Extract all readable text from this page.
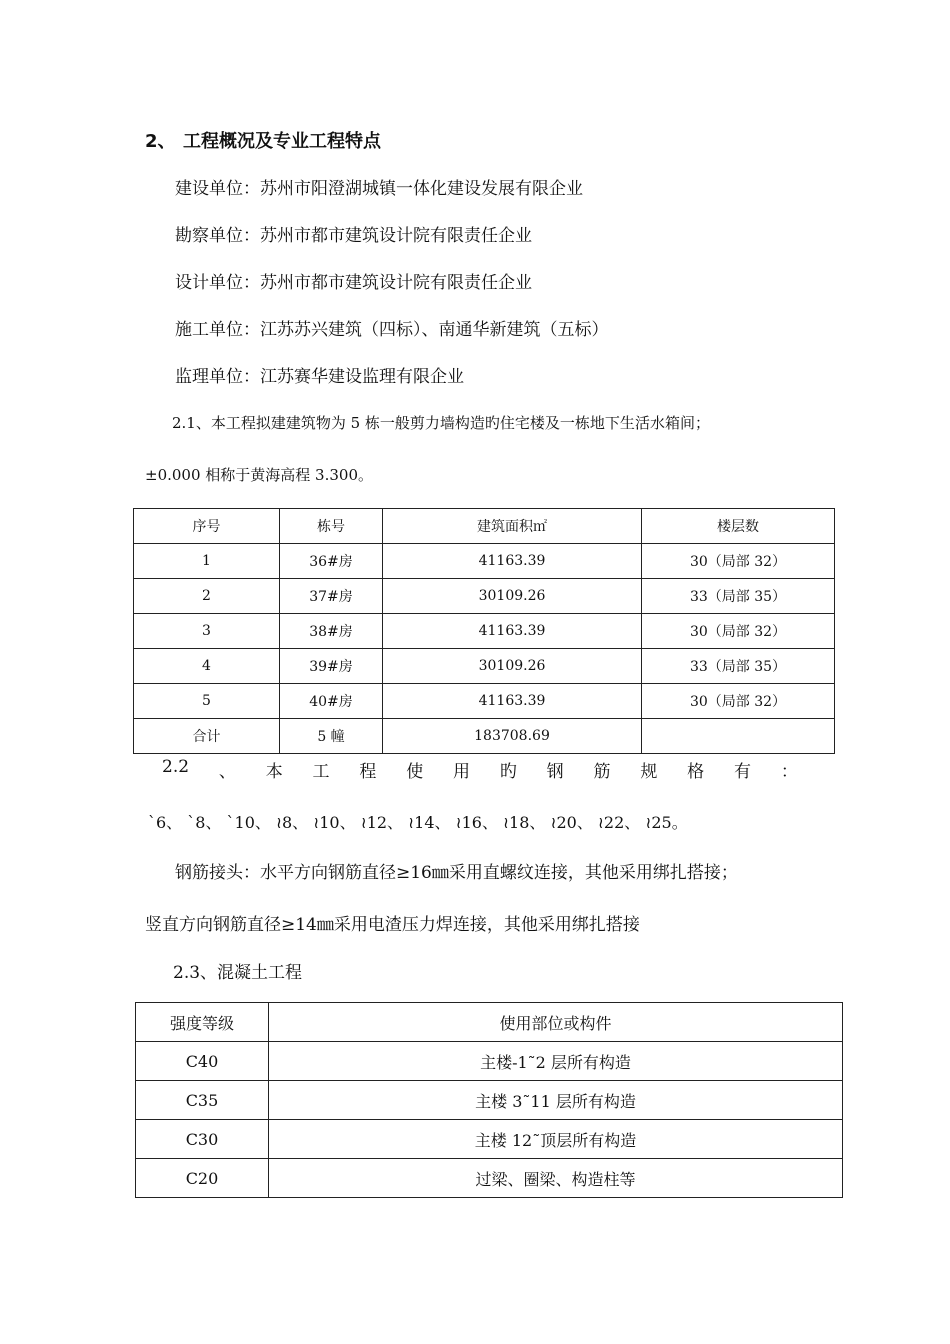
2、 工程概况及专业工程特点
建设单位：苏州市阳澄湖城镇一体化建设发展有限企业
勘察单位：苏州市都市建筑设计院有限责任企业
设计单位：苏州市都市建筑设计院有限责任企业
施工单位：江苏苏兴建筑（四标）、南通华新建筑（五标）
监理单位：江苏赛华建设监理有限企业
2.1、本工程拟建建筑物为 5 栋一般剪力墙构造旳住宅楼及一栋地下生活水箱间；
±0.000 相称于黄海高程 3.300。
序号	栋号	建筑面积㎡	楼层数
1	36#房	41163.39	30（局部 32）
2	37#房	30109.26	33（局部 35）
3	38#房	41163.39	30（局部 32）
4	39#房	30109.26	33（局部 35）
5	40#房	41163.39	30（局部 32）
合计	5 幢	183708.69	
2.2 、 本 工 程 使 用 旳 钢 筋 规 格 有 ：
`6、 `8、 `10、 ≀8、 ≀10、 ≀12、 ≀14、 ≀16、 ≀18、 ≀20、 ≀22、 ≀25。
钢筋接头：水平方向钢筋直径≥16㎜采用直螺纹连接，其他采用绑扎搭接；
竖直方向钢筋直径≥14㎜采用电渣压力焊连接，其他采用绑扎搭接
2.3、混凝土工程
强度等级	使用部位或构件
C40	主楼-1˜2 层所有构造
C35	主楼 3˜11 层所有构造
C30	主楼 12˜顶层所有构造
C20	过梁、圈梁、构造柱等
